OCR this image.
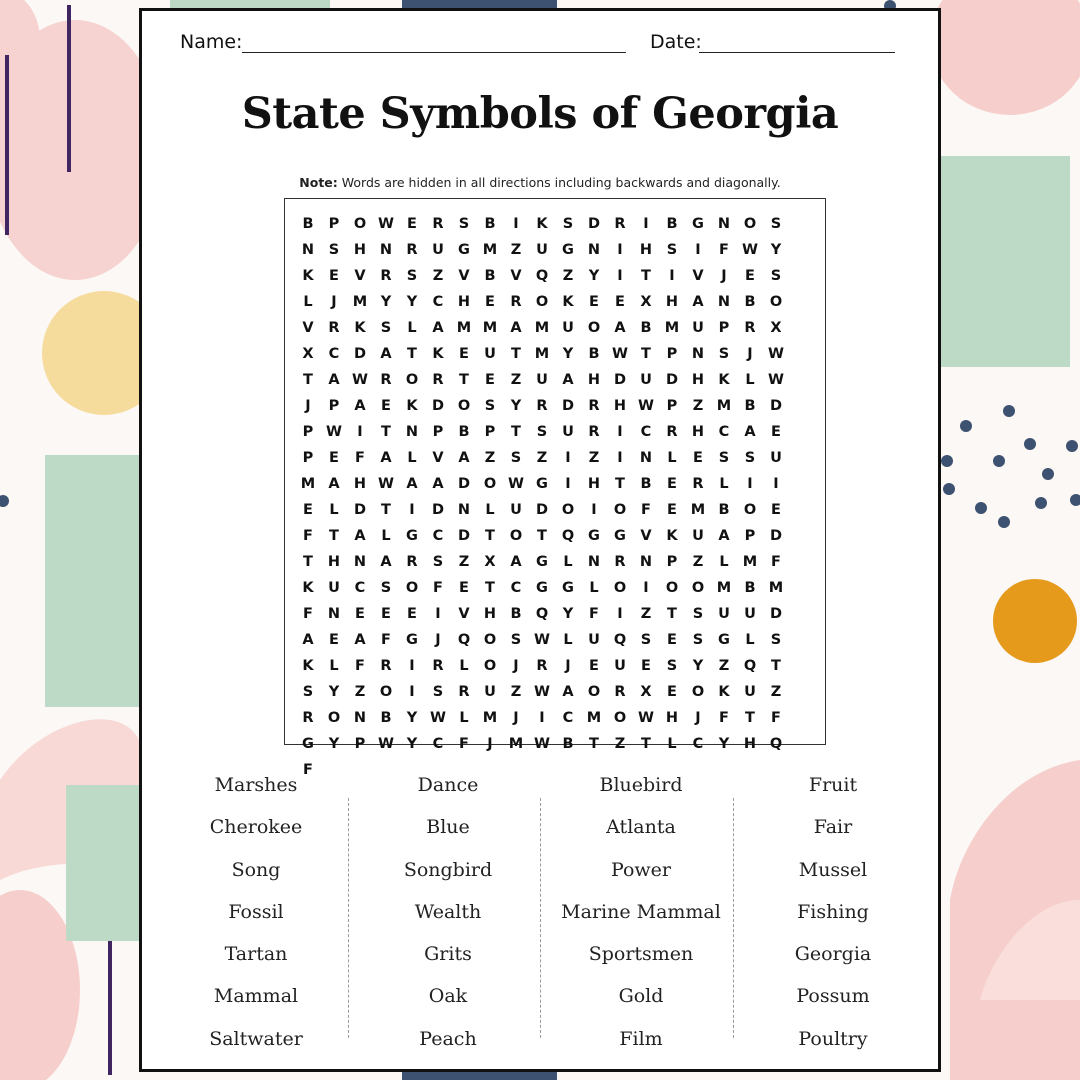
Name:	Date:
State Symbols of Georgia
Note: Words are hidden in all directions including backwards and diagonally.
B	P	O W E	R	S	B	I	K	S	D R	I	B	G N O	S
N	S	H N R	U G M Z	U G N	I	H	S	I	F W Y
K	E	V	R	S	Z	V	B	V Q	Z	Y	I	T	I	V	J	E	S
L	J	M Y	Y	C	H	E	R O K	E	E	X H A N B O
V	R	K	S	L	A M M A M U O A	B M U	P	R	X
X	C	D A	T	K	E	U	T M Y	B W T	P	N	S	J	W
T	A W R O R	T	E	Z	U A H D U D H K	L W
J	P	A	E	K D O	S	Y	R D R H W P	Z M B D
P W	I	T	N	P	B	P	T	S	U	R	I	C	R H	C	A	E
P	E	F	A	L	V	A	Z	S	Z	I	Z	I	N	L	E	S	S	U
M A H W A	A D O W G	I	H	T	B	E	R	L	I	I
E	L	D	T	I	D N	L	U D O	I	O	F	E M B O	E
F	T	A	L	G	C	D	T	O	T	Q G G V	K U A	P	D
T	H N A	R	S	Z	X	A G	L	N R N	P	Z	L M F
K U	C	S	O	F	E	T	C	G G	L	O	I	O O M B M
F	N	E	E	E	I	V H B Q	Y	F	I	Z	T	S	U U D
A	E	A	F	G	J	Q O	S W L	U Q	S	E	S	G	L	S
K	L	F	R	I	R	L	O	J	R	J	E	U	E	S	Y	Z	Q	T
S	Y	Z	O	I	S	R	U	Z W A O R	X	E	O K U	Z
R O N B	Y W L M	J	I	C M O W H	J	F	T	F
G	Y	P W Y	C	F	J	M W B	T	Z	T	L	C	Y	H Q
F
Marshes
Cherokee
Song
Fossil
Tartan
Mammal
Saltwater
Dance
Blue
Songbird
Wealth
Grits
Oak
Peach
Bluebird
Atlanta
Power
Marine Mammal
Sportsmen
Gold
Film
Fruit
Fair
Mussel
Fishing
Georgia
Possum
Poultry
